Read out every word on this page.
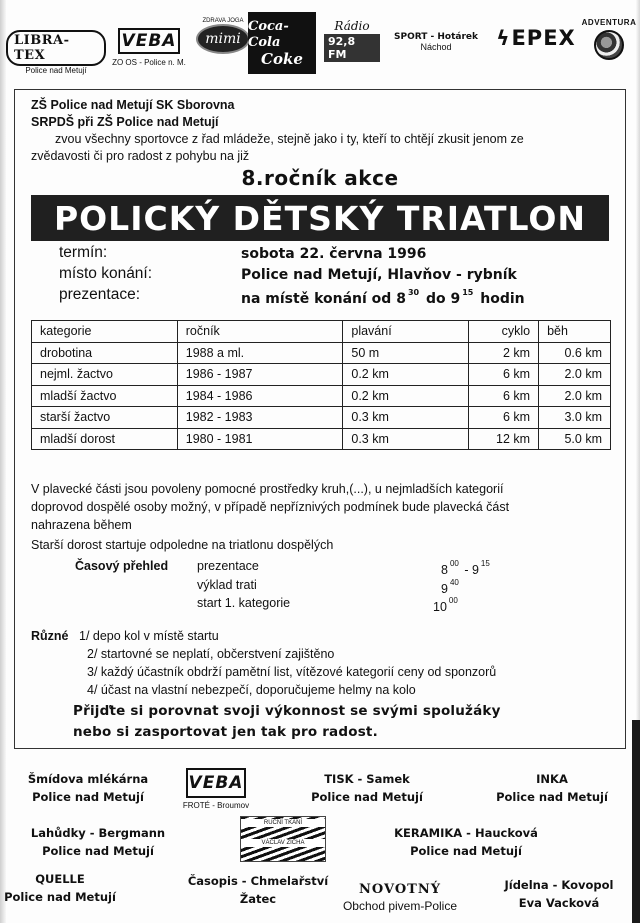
LIBRA-TEX
Police nad Metují
VEBA
ZO OS - Police n. M.
ZDRAVA JOGA
mimi
Coca-Cola
Coke
Rádio
92,8 FM
SPORT - Hotárek
Náchod ϟ EPEX
ADVENTURA
ZŠ Police nad Metují SK Sborovna
SRPDŠ při ZŠ Police nad Metují
zvou všechny sportovce z řad mládeže, stejně jako i ty, kteří to chtějí zkusit jenom ze
zvědavosti či pro radost z pohybu na již
8.ročník akce
POLICKÝ DĚTSKÝ TRIATLON
termín:	sobota 22. června 1996
místo konání:	Police nad Metují, Hlavňov - rybník
prezentace:	na místě konání od 8 $^{30}$ do 9 $^{15}$ hodin
kategorie	ročník	plavání	cyklo	běh
drobotina	1988 a ml.	50 m	2 km	0.6 km
nejml. žactvo	1986 - 1987	0.2 km	6 km	2.0 km
mladší žactvo	1984 - 1986	0.2 km	6 km	2.0 km
starší žactvo	1982 - 1983	0.3 km	6 km	3.0 km
mladší dorost	1980 - 1981	0.3 km	12 km	5.0 km
V plavecké části jsou povoleny pomocné prostředky kruh,(...), u nejmladších kategorií
doprovod dospělé osoby možný, v případě nepříznivých podmínek bude plavecká část
nahrazena během
Starší dorost startuje odpoledne na triatlonu dospělých
Časový přehled prezentace	8 $^{00}$ - 9 $^{15}$
výklad trati	9 $^{40}$
start 1. kategorie	10 $^{00}$
Různé 1/ depo kol v místě startu
2/ startovné se neplatí, občerstvení zajištěno
3/ každý účastník obdrží pamětní list, vítězové kategorií ceny od sponzorů
4/ účast na vlastní nebezpečí, doporučujeme helmy na kolo
Přijďte si porovnat svoji výkonnost se svými spolužáky
nebo si zasportovat jen tak pro radost.
Šmídova mlékárna
Police nad Metují
VEBA
FROTÉ - Broumov
TISK - Samek
Police nad Metují
INKA
Police nad Metují
Lahůdky - Bergmann
Police nad Metují
RUČNÍ TKANÍ
VÁCLAV ŽÍCHA
KERAMIKA - Haucková
Police nad Metují
QUELLE
Police nad Metují
Časopis - Chmelařství
Žatec
NOVOTNÝ
Obchod pivem-Police
Jídelna - Kovopol
Eva Vacková
